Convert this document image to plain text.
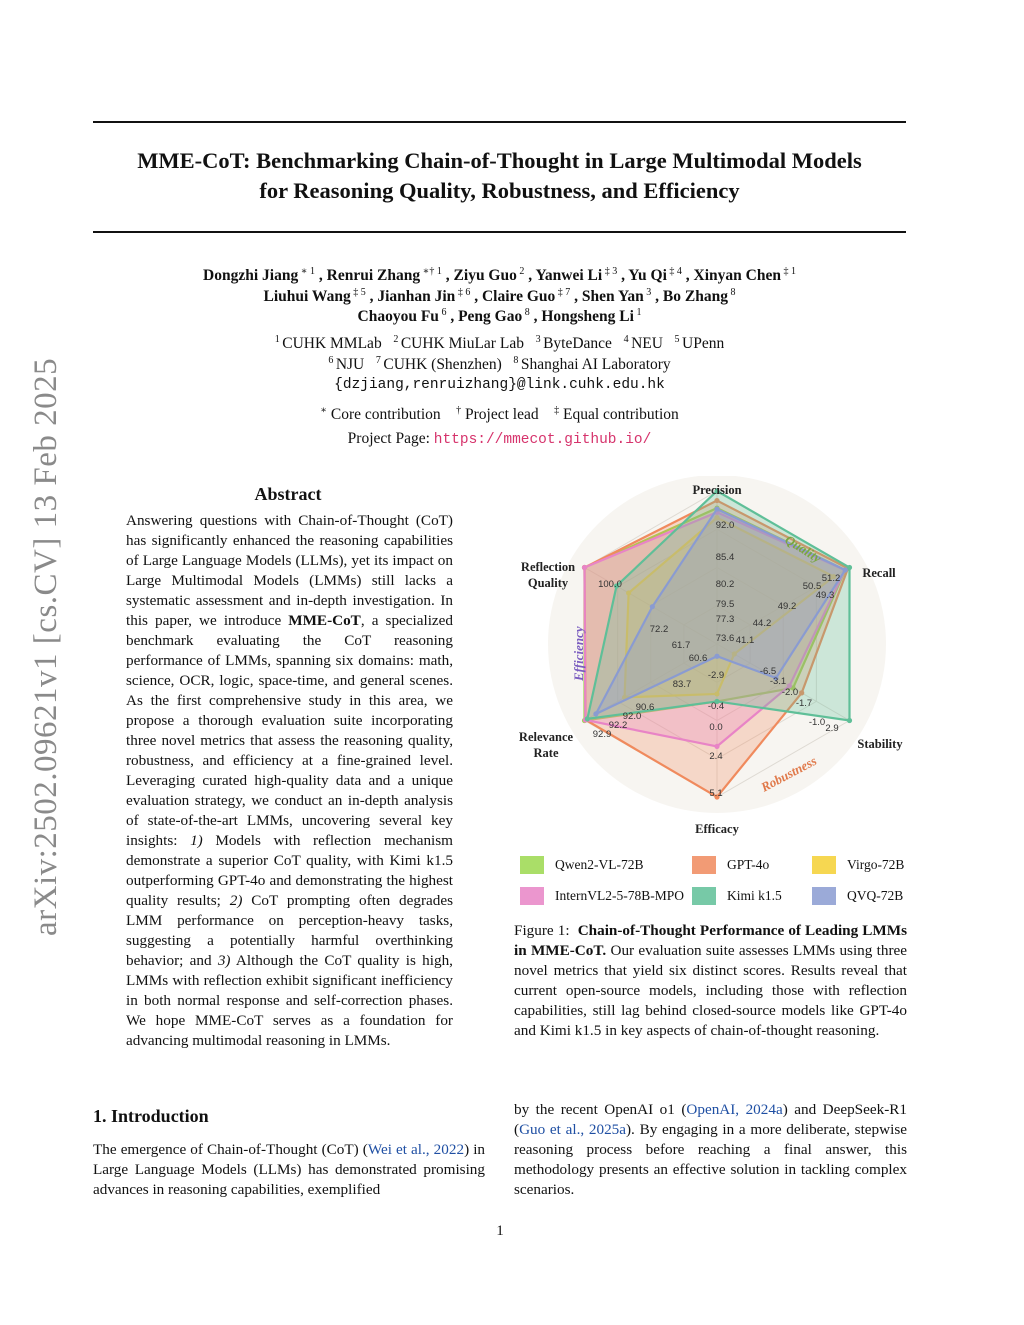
arXiv:2502.09621v1 [cs.CV] 13 Feb 2025
MME-CoT: Benchmarking Chain-of-Thought in Large Multimodal Models
for Reasoning Quality, Robustness, and Efficiency
Dongzhi Jiang $^{∗ 1}$ , Renrui Zhang $^{∗\dagger 1}$ , Ziyu Guo $^2$ , Yanwei Li $^{\ddagger 3}$ , Yu Qi $^{\ddagger 4}$ , Xinyan Chen $^{\ddagger 1}$
Liuhui Wang $^{\ddagger 5}$ , Jianhan Jin $^{\ddagger 6}$ , Claire Guo $^{\ddagger 7}$ , Shen Yan $^3$ , Bo Zhang $^8$
Chaoyou Fu $^6$ , Peng Gao $^8$ , Hongsheng Li $^1$
$^1$ CUHK MMLab $^2$ CUHK MiuLar Lab $^3$ ByteDance $^4$ NEU $^5$ UPenn
$^6$ NJU $^7$ CUHK (Shenzhen) $^8$ Shanghai AI Laboratory
{dzjiang,renruizhang}@link.cuhk.edu.hk
∗ Core contribution † Project lead ‡ Equal contribution
Project Page: https://mmecot.github.io/
Abstract
Answering questions with Chain-of-Thought (CoT) has significantly enhanced the reasoning capabilities of Large Language Models (LLMs), yet its impact on Large Multimodal Models (LMMs) still lacks a systematic assessment and in-depth investigation. In this paper, we introduce MME-CoT, a specialized benchmark evaluating the CoT reasoning performance of LMMs, spanning six domains: math, science, OCR, logic, space-time, and general scenes. As the first comprehensive study in this area, we propose a thorough evaluation suite incorporating three novel metrics that assess the reasoning quality, robustness, and efficiency at a fine-grained level. Leveraging curated high-quality data and a unique evaluation strategy, we conduct an in-depth analysis of state-of-the-art LMMs, uncovering several key insights: 1) Models with reflection mechanism demonstrate a superior CoT quality, with Kimi k1.5 outperforming GPT-4o and demonstrating the highest quality results; 2) CoT prompting often degrades LMM performance on perception-heavy tasks, suggesting a potentially harmful overthinking behavior; and 3) Although the CoT quality is high, LMMs with reflection exhibit significant inefficiency in both normal response and self-correction phases. We hope MME-CoT serves as a foundation for advancing multimodal reasoning in LMMs.
Precision
Recall
Stability
Efficacy
Relevance Rate
Reflection Quality
92.0
85.4
80.2
79.5
77.3
73.6
51.2
50.5
49.3
49.2
44.2
41.1
2.9
-1.0
-1.7
-2.0
-3.1
-6.5
-2.9
-0.4
0.0
2.4
5.1
92.9
92.2
92.0
90.6
83.7
60.6
61.7
72.2
100.0
Quality
Robustness
Efficiency
Qwen2-VL-72B	GPT-4o	Virgo-72B
InternVL2-5-78B-MPO	Kimi k1.5	QVQ-72B
Figure 1: Chain-of-Thought Performance of Leading LMMs in MME-CoT. Our evaluation suite assesses LMMs using three novel metrics that yield six distinct scores. Results reveal that current open-source models, including those with reflection capabilities, still lag behind closed-source models like GPT-4o and Kimi k1.5 in key aspects of chain-of-thought reasoning.
1. Introduction
The emergence of Chain-of-Thought (CoT) (Wei et al., 2022) in Large Language Models (LLMs) has demonstrated promising advances in reasoning capabilities, exemplified
by the recent OpenAI o1 (OpenAI, 2024a) and DeepSeek-R1 (Guo et al., 2025a). By engaging in a more deliberate, stepwise reasoning process before reaching a final answer, this methodology presents an effective solution in tackling complex scenarios.
1
